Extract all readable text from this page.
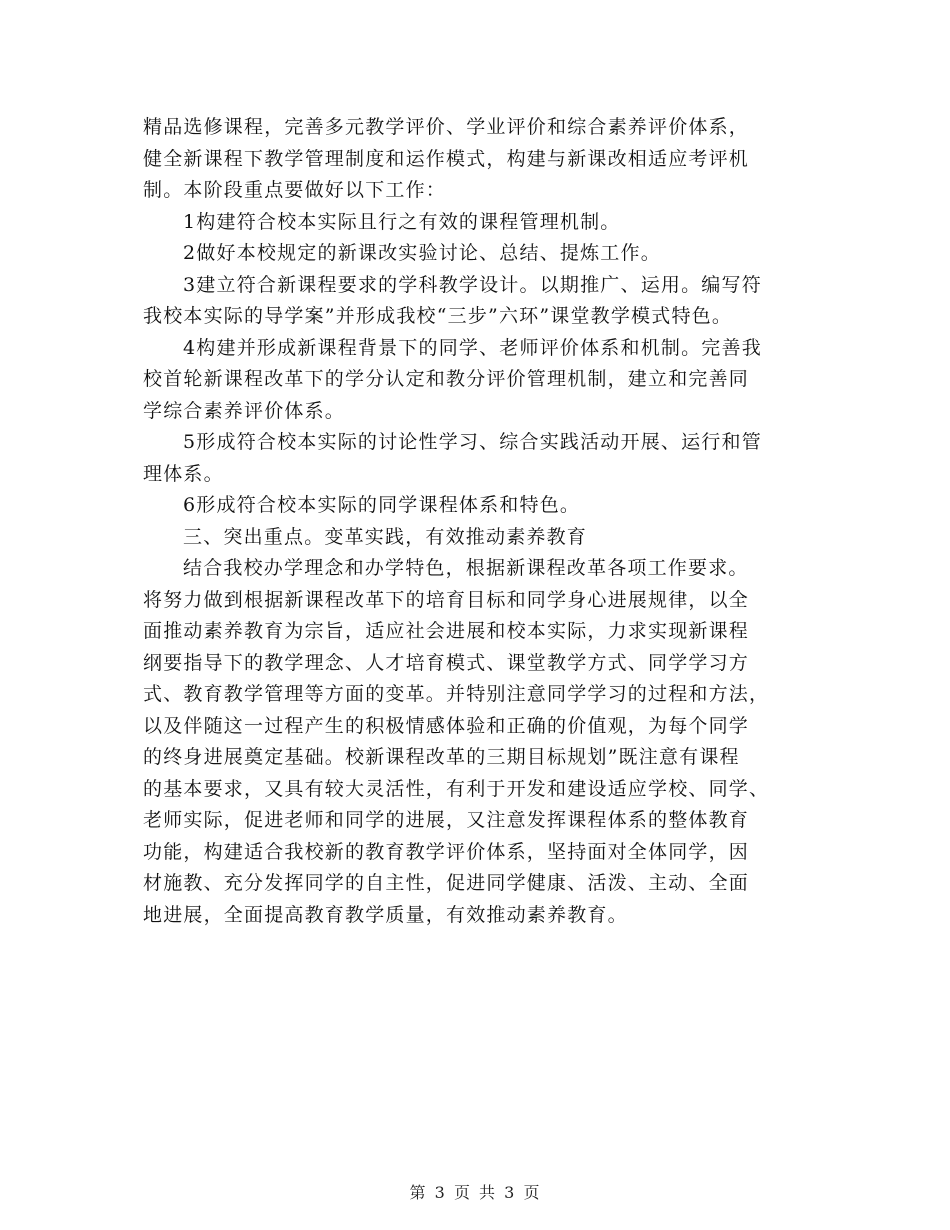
精品选修课程，完善多元教学评价、学业评价和综合素养评价体系，
健全新课程下教学管理制度和运作模式，构建与新课改相适应考评机
制。本阶段重点要做好以下工作：
1构建符合校本实际且行之有效的课程管理机制。
2做好本校规定的新课改实验讨论、总结、提炼工作。
3建立符合新课程要求的学科教学设计。以期推广、运用。编写符
我校本实际的导学案”并形成我校“三步”六环”课堂教学模式特色。
4构建并形成新课程背景下的同学、老师评价体系和机制。完善我
校首轮新课程改革下的学分认定和教分评价管理机制，建立和完善同
学综合素养评价体系。
5形成符合校本实际的讨论性学习、综合实践活动开展、运行和管
理体系。
6形成符合校本实际的同学课程体系和特色。
三、突出重点。变革实践，有效推动素养教育
结合我校办学理念和办学特色，根据新课程改革各项工作要求。
将努力做到根据新课程改革下的培育目标和同学身心进展规律，以全
面推动素养教育为宗旨，适应社会进展和校本实际，力求实现新课程
纲要指导下的教学理念、人才培育模式、课堂教学方式、同学学习方
式、教育教学管理等方面的变革。并特别注意同学学习的过程和方法，
以及伴随这一过程产生的积极情感体验和正确的价值观，为每个同学
的终身进展奠定基础。校新课程改革的三期目标规划”既注意有课程
的基本要求，又具有较大灵活性，有利于开发和建设适应学校、同学、
老师实际，促进老师和同学的进展，又注意发挥课程体系的整体教育
功能，构建适合我校新的教育教学评价体系，坚持面对全体同学，因
材施教、充分发挥同学的自主性，促进同学健康、活泼、主动、全面
地进展，全面提高教育教学质量，有效推动素养教育。
第 3 页 共 3 页
